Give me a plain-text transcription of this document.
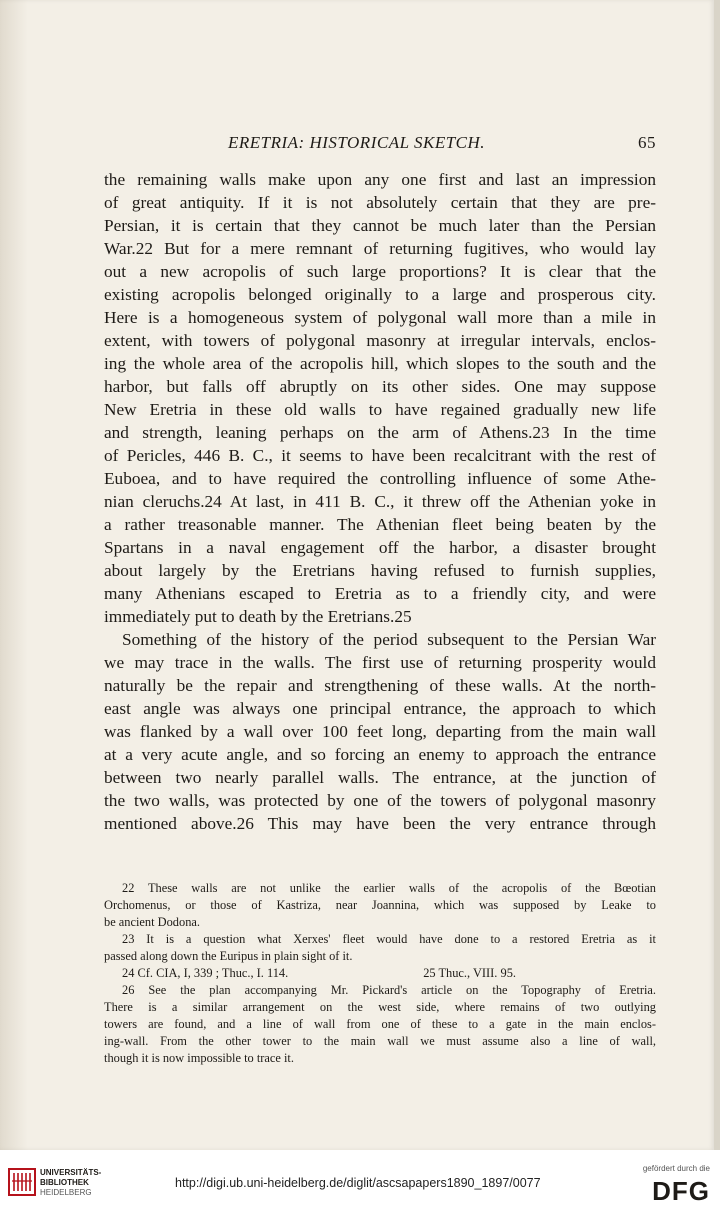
ERETRIA: HISTORICAL SKETCH.	65
the remaining walls make upon any one first and last an impression
of great antiquity. If it is not absolutely certain that they are pre-
Persian, it is certain that they cannot be much later than the Persian
War.22 But for a mere remnant of returning fugitives, who would lay
out a new acropolis of such large proportions? It is clear that the
existing acropolis belonged originally to a large and prosperous city.
Here is a homogeneous system of polygonal wall more than a mile in
extent, with towers of polygonal masonry at irregular intervals, enclos-
ing the whole area of the acropolis hill, which slopes to the south and the
harbor, but falls off abruptly on its other sides. One may suppose
New Eretria in these old walls to have regained gradually new life
and strength, leaning perhaps on the arm of Athens.23 In the time
of Pericles, 446 B. C., it seems to have been recalcitrant with the rest of
Euboea, and to have required the controlling influence of some Athe-
nian cleruchs.24 At last, in 411 B. C., it threw off the Athenian yoke in
a rather treasonable manner. The Athenian fleet being beaten by the
Spartans in a naval engagement off the harbor, a disaster brought
about largely by the Eretrians having refused to furnish supplies,
many Athenians escaped to Eretria as to a friendly city, and were
immediately put to death by the Eretrians.25
Something of the history of the period subsequent to the Persian War
we may trace in the walls. The first use of returning prosperity would
naturally be the repair and strengthening of these walls. At the north-
east angle was always one principal entrance, the approach to which
was flanked by a wall over 100 feet long, departing from the main wall
at a very acute angle, and so forcing an enemy to approach the entrance
between two nearly parallel walls. The entrance, at the junction of
the two walls, was protected by one of the towers of polygonal masonry
mentioned above.26 This may have been the very entrance through
22 These walls are not unlike the earlier walls of the acropolis of the Bœotian
Orchomenus, or those of Kastriza, near Joannina, which was supposed by Leake to
be ancient Dodona.
23 It is a question what Xerxes' fleet would have done to a restored Eretria as it
passed along down the Euripus in plain sight of it.
24 Cf. CIA, I, 339 ; Thuc., I. 114.	25 Thuc., VIII. 95.
26 See the plan accompanying Mr. Pickard's article on the Topography of Eretria.
There is a similar arrangement on the west side, where remains of two outlying
towers are found, and a line of wall from one of these to a gate in the main enclos-
ing-wall. From the other tower to the main wall we must assume also a line of wall,
though it is now impossible to trace it.
UNIVERSITÄTS-
BIBLIOTHEK
HEIDELBERG
http://digi.ub.uni-heidelberg.de/diglit/ascsapapers1890_1897/0077
gefördert durch die
DFG
